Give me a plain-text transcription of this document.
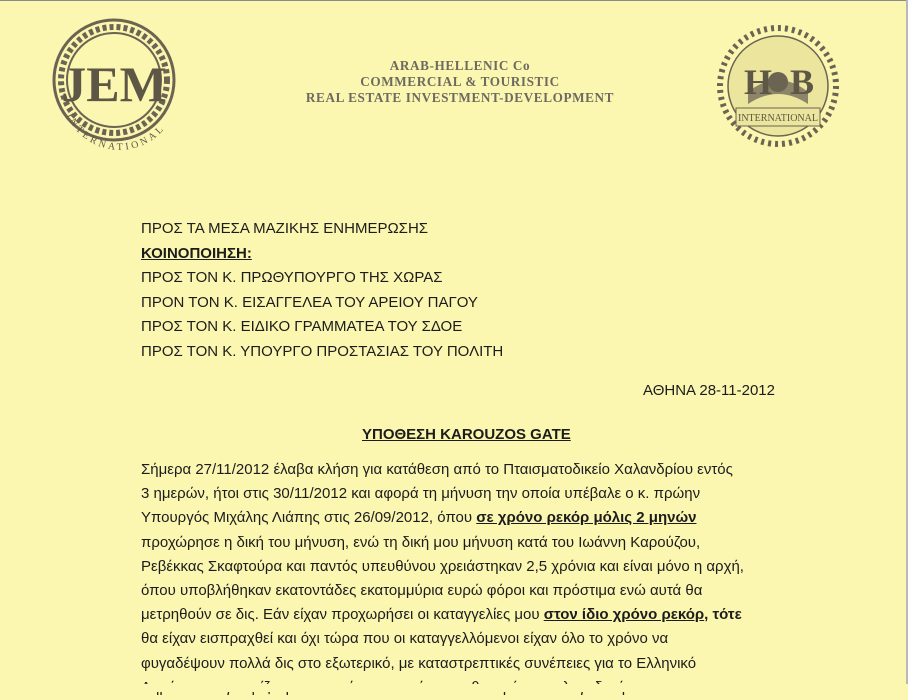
JEM
INTERNATIONAL
H B
INTERNATIONAL
ARAB-HELLENIC Co
COMMERCIAL & TOURISTIC
REAL ESTATE INVESTMENT-DEVELOPMENT
ΠΡΟΣ ΤΑ ΜΕΣΑ ΜΑΖΙΚΗΣ ΕΝΗΜΕΡΩΣΗΣ
ΚΟΙΝΟΠΟΙΗΣΗ:
ΠΡΟΣ ΤΟΝ Κ. ΠΡΩΘΥΠΟΥΡΓΟ ΤΗΣ ΧΩΡΑΣ
ΠΡΟΝ ΤΟΝ Κ. ΕΙΣΑΓΓΕΛΕΑ ΤΟΥ ΑΡΕΙΟΥ ΠΑΓΟΥ
ΠΡΟΣ ΤΟΝ Κ. ΕΙΔΙΚΟ ΓΡΑΜΜΑΤΕΑ ΤΟΥ ΣΔΟΕ
ΠΡΟΣ ΤΟΝ Κ. ΥΠΟΥΡΓΟ ΠΡΟΣΤΑΣΙΑΣ ΤΟΥ ΠΟΛΙΤΗ
ΑΘΗΝΑ 28-11-2012
ΥΠΟΘΕΣΗ KAROUZOS GATE
Σήμερα 27/11/2012 έλαβα κλήση για κατάθεση από το Πταισματοδικείο Χαλανδρίου εντός
3 ημερών, ήτοι στις 30/11/2012 και αφορά τη μήνυση την οποία υπέβαλε ο κ. πρώην
Υπουργός Μιχάλης Λιάπης στις 26/09/2012, όπου σε χρόνο ρεκόρ μόλις 2 μηνών
προχώρησε η δική του μήνυση, ενώ τη δική μου μήνυση κατά του Ιωάννη Καρούζου,
Ρεβέκκας Σκαφτούρα και παντός υπευθύνου χρειάστηκαν 2,5 χρόνια και είναι μόνο η αρχή,
όπου υποβλήθηκαν εκατοντάδες εκατομμύρια ευρώ φόροι και πρόστιμα ενώ αυτά θα
μετρηθούν σε δις. Εάν είχαν προχωρήσει οι καταγγελίες μου στον ίδιο χρόνο ρεκόρ, τότε
θα είχαν εισπραχθεί και όχι τώρα που οι καταγγελλόμενοι είχαν όλο το χρόνο να
φυγαδέψουν πολλά δις στο εξωτερικό, με καταστρεπτικές συνέπειες για το Ελληνικό
